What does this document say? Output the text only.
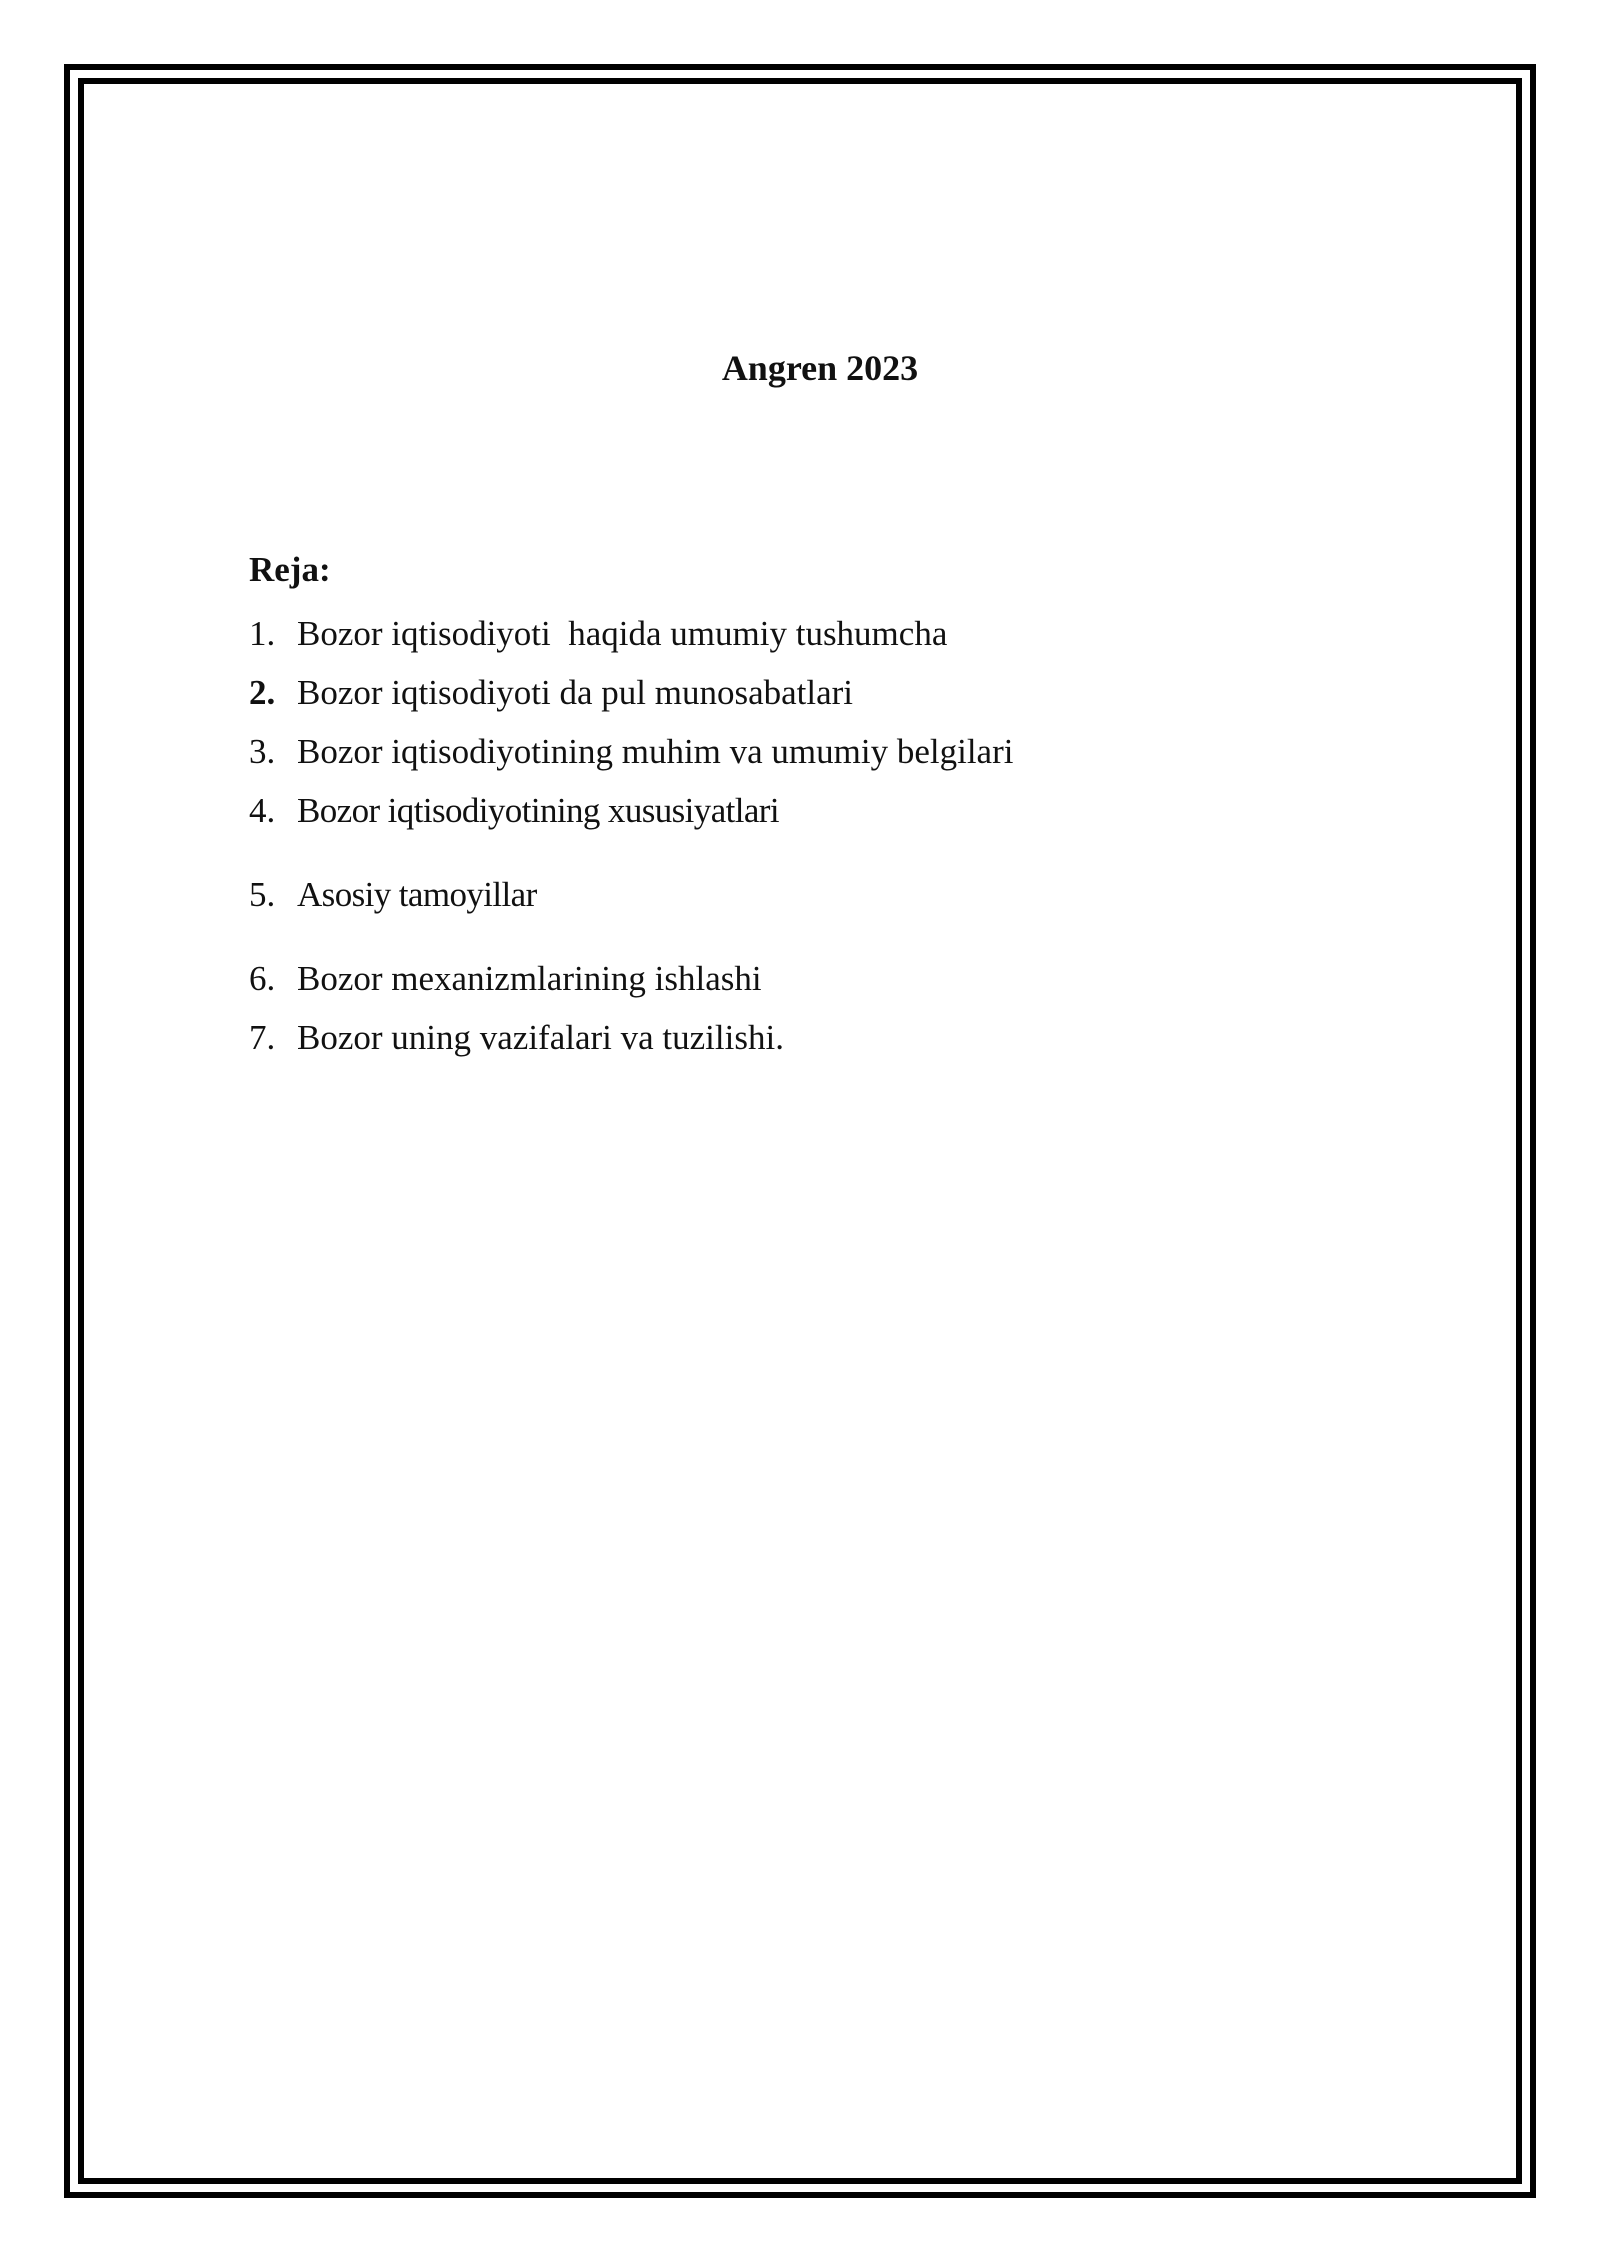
Angren 2023
Reja:
1. Bozor iqtisodiyoti  haqida umumiy tushumcha
2. Bozor iqtisodiyoti da pul munosabatlari
3. Bozor iqtisodiyotining muhim va umumiy belgilari
4. Bozor iqtisodiyotining xususiyatlari
5. Asosiy tamoyillar
6. Bozor mexanizmlarining ishlashi
7. Bozor uning vazifalari va tuzilishi.
